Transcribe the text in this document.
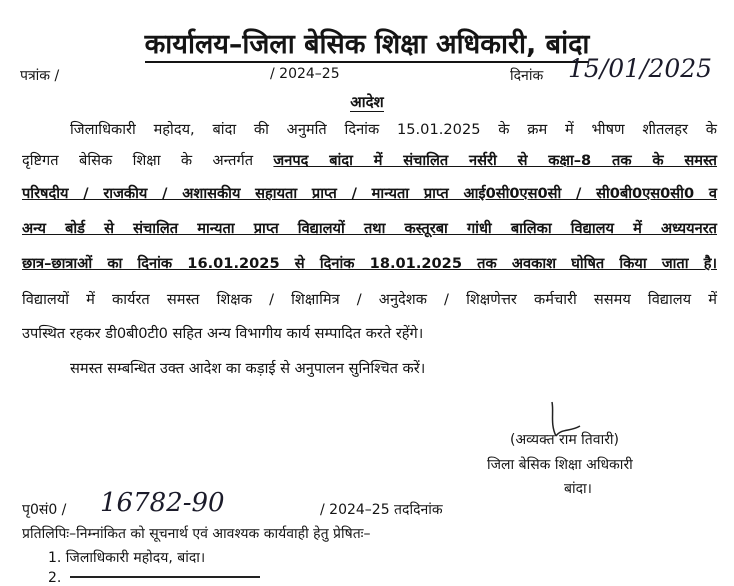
कार्यालय–जिला बेसिक शिक्षा अधिकारी, बांदा
पत्रांक /	/ 2024–25	दिनांक 15/01/2025
आदेश
जिलाधिकारी महोदय, बांदा की अनुमति दिनांक 15.01.2025 के क्रम में भीषण शीतलहर के
दृष्टिगत बेसिक शिक्षा के अन्तर्गत जनपद बांदा में संचालित नर्सरी से कक्षा–8 तक के समस्त
परिषदीय / राजकीय / अशासकीय सहायता प्राप्त / मान्यता प्राप्त आई0सी0एस0सी / सी0बी0एस0सी0 व
अन्य बोर्ड से संचालित मान्यता प्राप्त विद्यालयों तथा कस्तूरबा गांधी बालिका विद्यालय में अध्ययनरत
छात्र–छात्राओं का दिनांक 16.01.2025 से दिनांक 18.01.2025 तक अवकाश घोषित किया जाता है।
विद्यालयों में कार्यरत समस्त शिक्षक / शिक्षामित्र / अनुदेशक / शिक्षणेत्तर कर्मचारी ससमय विद्यालय में
उपस्थित रहकर डी0बी0टी0 सहित अन्य विभागीय कार्य सम्पादित करते रहेंगे।
समस्त सम्बन्धित उक्त आदेश का कड़ाई से अनुपालन सुनिश्चित करें।
(अव्यक्त राम तिवारी)
जिला बेसिक शिक्षा अधिकारी
बांदा।
पृ0सं0 / 16782-90	/ 2024–25 तददिनांक
प्रतिलिपिः–निम्नांकित को सूचनार्थ एवं आवश्यक कार्यवाही हेतु प्रेषितः–
1. जिलाधिकारी महोदय, बांदा।
2.
